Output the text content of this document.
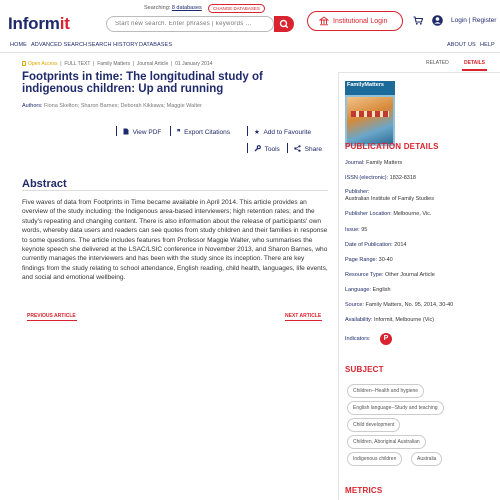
Informit
Searching: 8 databases	CHANGE DATABASES
Start new search. Enter phrases | keywords ...
Institutional Login	Login | Register
HOME ADVANCED SEARCH SEARCH HISTORY DATABASES	ABOUT US HELP
RELATED	DETAILS
Open Access  |  FULL TEXT  |  Family Matters  |  Journal Article  |  01 January 2014
Footprints in time: The longitudinal study of indigenous children: Up and running
Authors: Fiona Skelton; Sharon Barnes; Deborah Kikkawa; Maggie Walter
View PDF ❞ Export Citations	★ Add to Favourite
Tools	Share
Abstract

Five waves of data from Footprints in Time became available in April 2014. This article provides an overview of the study including: the Indigenous area-based interviewers; high retention rates; and the study's repeating and changing content. There is also information about the release of participants' own words, whereby data users and readers can see quotes from study children and their families in response to some questions. The article includes features from Professor Maggie Walter, who summarises the keynote speech she delivered at the LSAC/LSIC conference in November 2013, and Sharon Barnes, who currently manages the interviewers and has been with the study since its inception. There are key findings from the study relating to school attendance, English reading, child health, languages, life events, and social and emotional wellbeing.

PREVIOUS ARTICLE	NEXT ARTICLE
FamilyMatters
PUBLICATION DETAILS
Journal: Family Matters
ISSN (electronic): 1832-8318
Publisher:
Australian Institute of Family Studies
Publisher Location: Melbourne, Vic.
Issue: 95
Date of Publication: 2014
Page Range: 30-40
Resource Type: Other Journal Article
Language: English
Source: Family Matters, No. 95, 2014, 30-40
Availability: Informit, Melbourne (Vic)
Indicators:	P
SUBJECT
Children--Health and hygiene
English language--Study and teaching
Child development
Children, Aboriginal Australian
Indigenous children	Australia
METRICS
